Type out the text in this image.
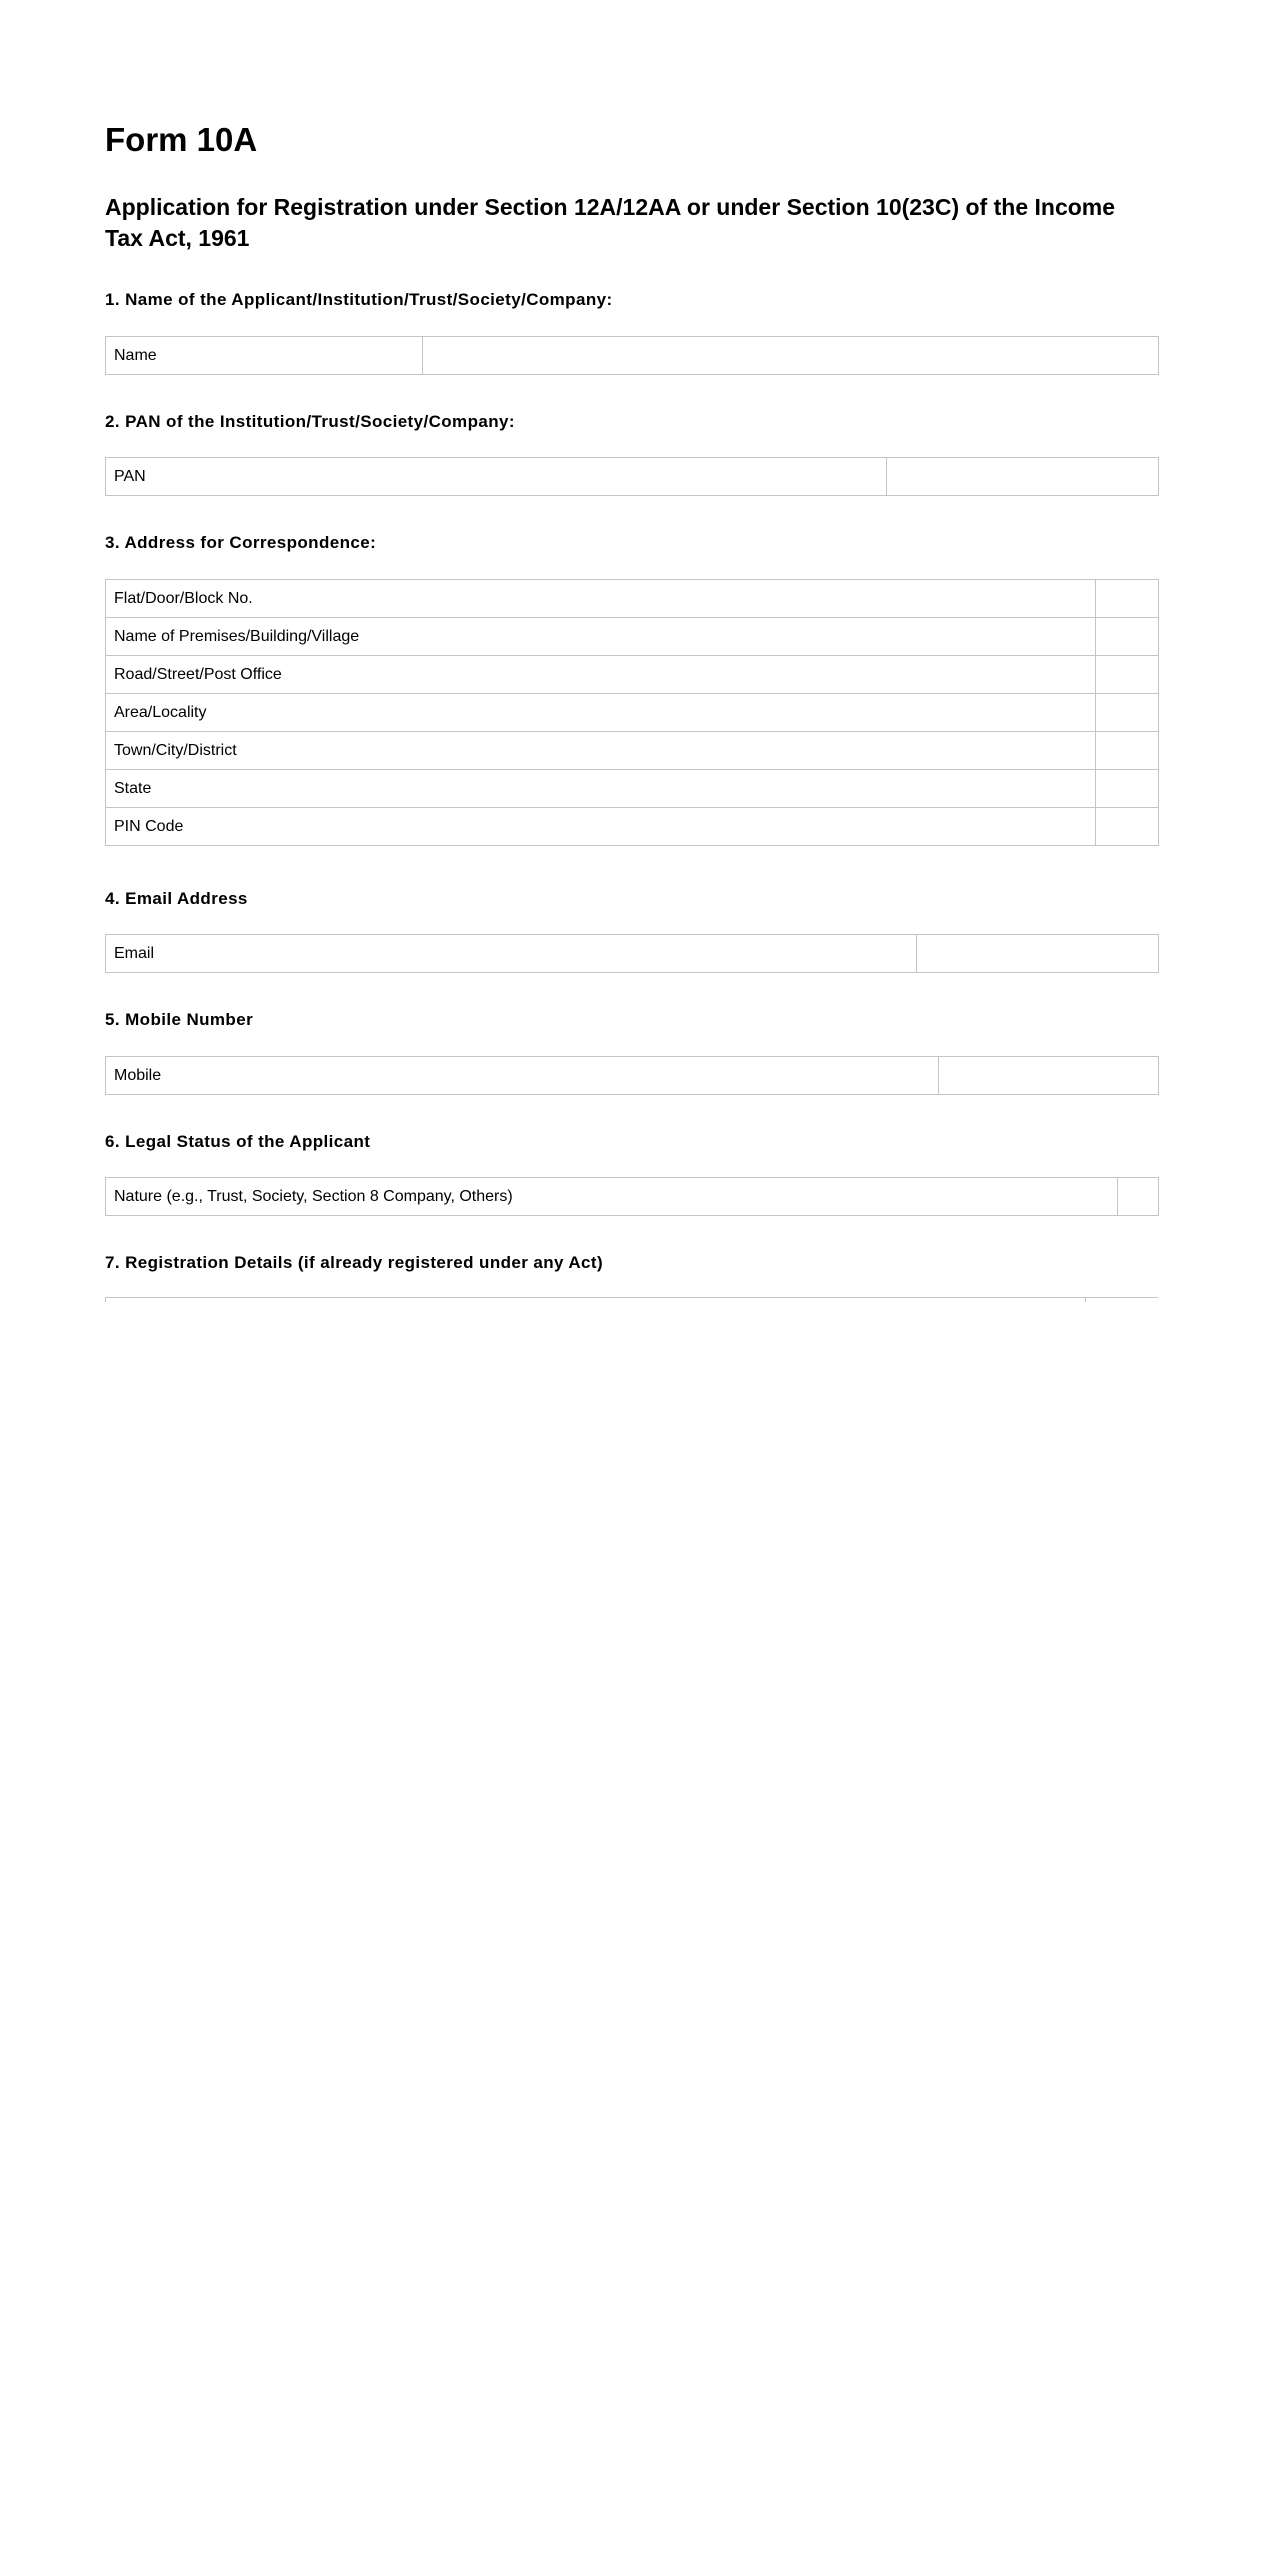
Form 10A
Application for Registration under Section 12A/12AA or under Section 10(23C) of the Income Tax Act, 1961
1. Name of the Applicant/Institution/Trust/Society/Company:
Name	
2. PAN of the Institution/Trust/Society/Company:
PAN	
3. Address for Correspondence:
Flat/Door/Block No.	
Name of Premises/Building/Village	
Road/Street/Post Office	
Area/Locality	
Town/City/District	
State	
PIN Code	
4. Email Address
Email	
5. Mobile Number
Mobile	
6. Legal Status of the Applicant
Nature (e.g., Trust, Society, Section 8 Company, Others)	
7. Registration Details (if already registered under any Act)
